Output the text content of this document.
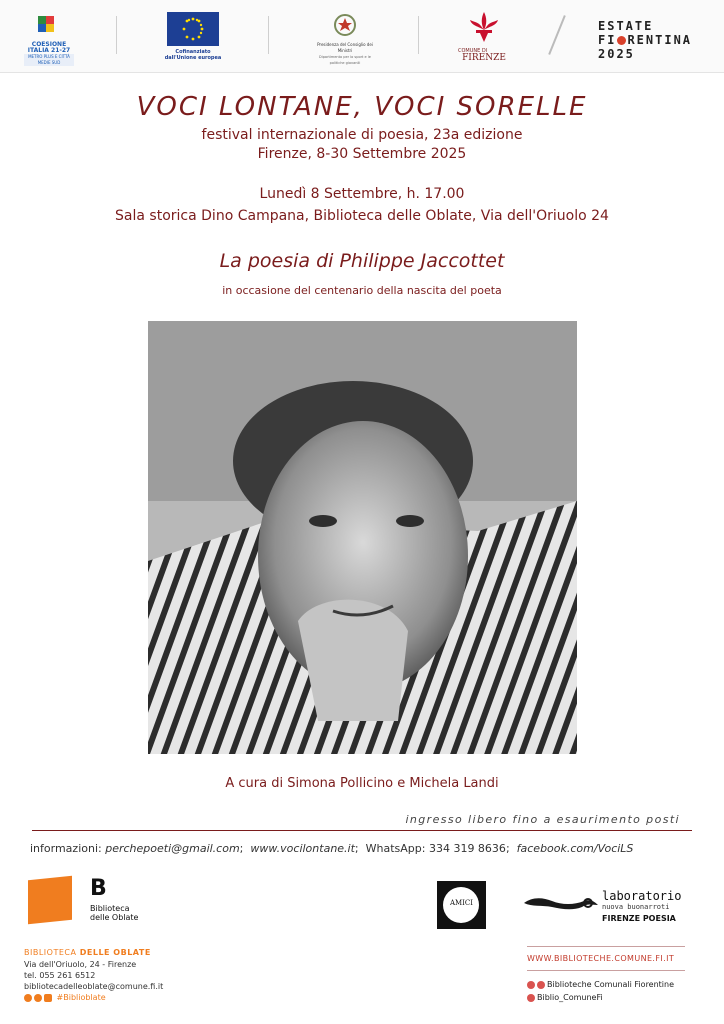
COESIONE ITALIA 21-27
METRO PLUS E CITTÀ MEDIE SUD
Cofinanziato dall'Unione europea
Presidenza del Consiglio dei Ministri
Dipartimento per lo sport e le politiche giovanili
COMUNE DI
FIRENZE
ESTATE
FI RENTINA
2025
VOCI LONTANE, VOCI SORELLE
festival internazionale di poesia, 23a edizione
Firenze, 8-30 Settembre 2025
Lunedì 8 Settembre, h. 17.00
Sala storica Dino Campana, Biblioteca delle Oblate, Via dell'Oriuolo 24
La poesia di Philippe Jaccottet
in occasione del centenario della nascita del poeta
A cura di Simona Pollicino e Michela Landi
ingresso libero fino a esaurimento posti
informazioni: perchepoeti@gmail.com;  www.vocilontane.it;  WhatsApp: 334 319 8636;  facebook.com/VociLS
B
Biblioteca
delle Oblate
AMICI	laboratorio
nuova buonarroti
FIRENZE POESIA
BIBLIOTECA DELLE OBLATE
Via dell'Oriuolo, 24 - Firenze
tel. 055 261 6512
bibliotecadelleoblate@comune.fi.it
#Biblioblate
WWW.BIBLIOTECHE.COMUNE.FI.IT
Biblioteche Comunali Fiorentine
Biblio_ComuneFi
